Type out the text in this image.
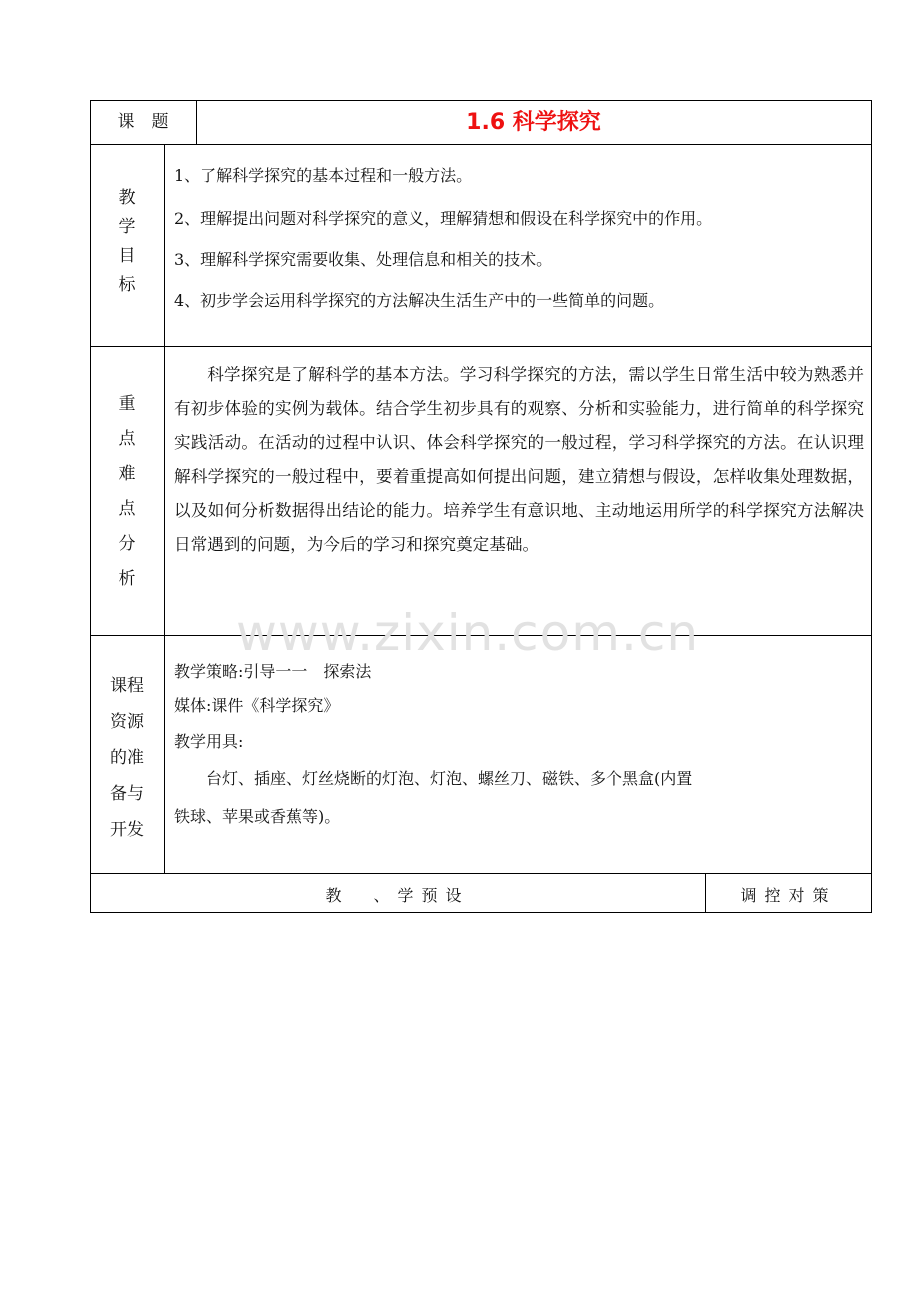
课　题	1.6 科学探究
教
学
目
标
1、了解科学探究的基本过程和一般方法。
2、理解提出问题对科学探究的意义，理解猜想和假设在科学探究中的作用。
3、理解科学探究需要收集、处理信息和相关的技术。
4、初步学会运用科学探究的方法解决生活生产中的一些简单的问题。
重
点
难
点
分
析
科学探究是了解科学的基本方法。学习科学探究的方法，需以学生日常生活中较为熟悉并有初步体验的实例为载体。结合学生初步具有的观察、分析和实验能力，进行简单的科学探究实践活动。在活动的过程中认识、体会科学探究的一般过程，学习科学探究的方法。在认识理解科学探究的一般过程中，要着重提高如何提出问题，建立猜想与假设，怎样收集处理数据，以及如何分析数据得出结论的能力。培养学生有意识地、主动地运用所学的科学探究方法解决日常遇到的问题，为今后的学习和探究奠定基础。
www.zixin.com.cn
课程
资源
的准
备与
开发
教学策略:引导一一　探索法
媒体:课件《科学探究》
教学用具:
　　台灯、插座、灯丝烧断的灯泡、灯泡、螺丝刀、磁铁、多个黑盒(内置
铁球、苹果或香蕉等)。
教　、学预设	调控对策
